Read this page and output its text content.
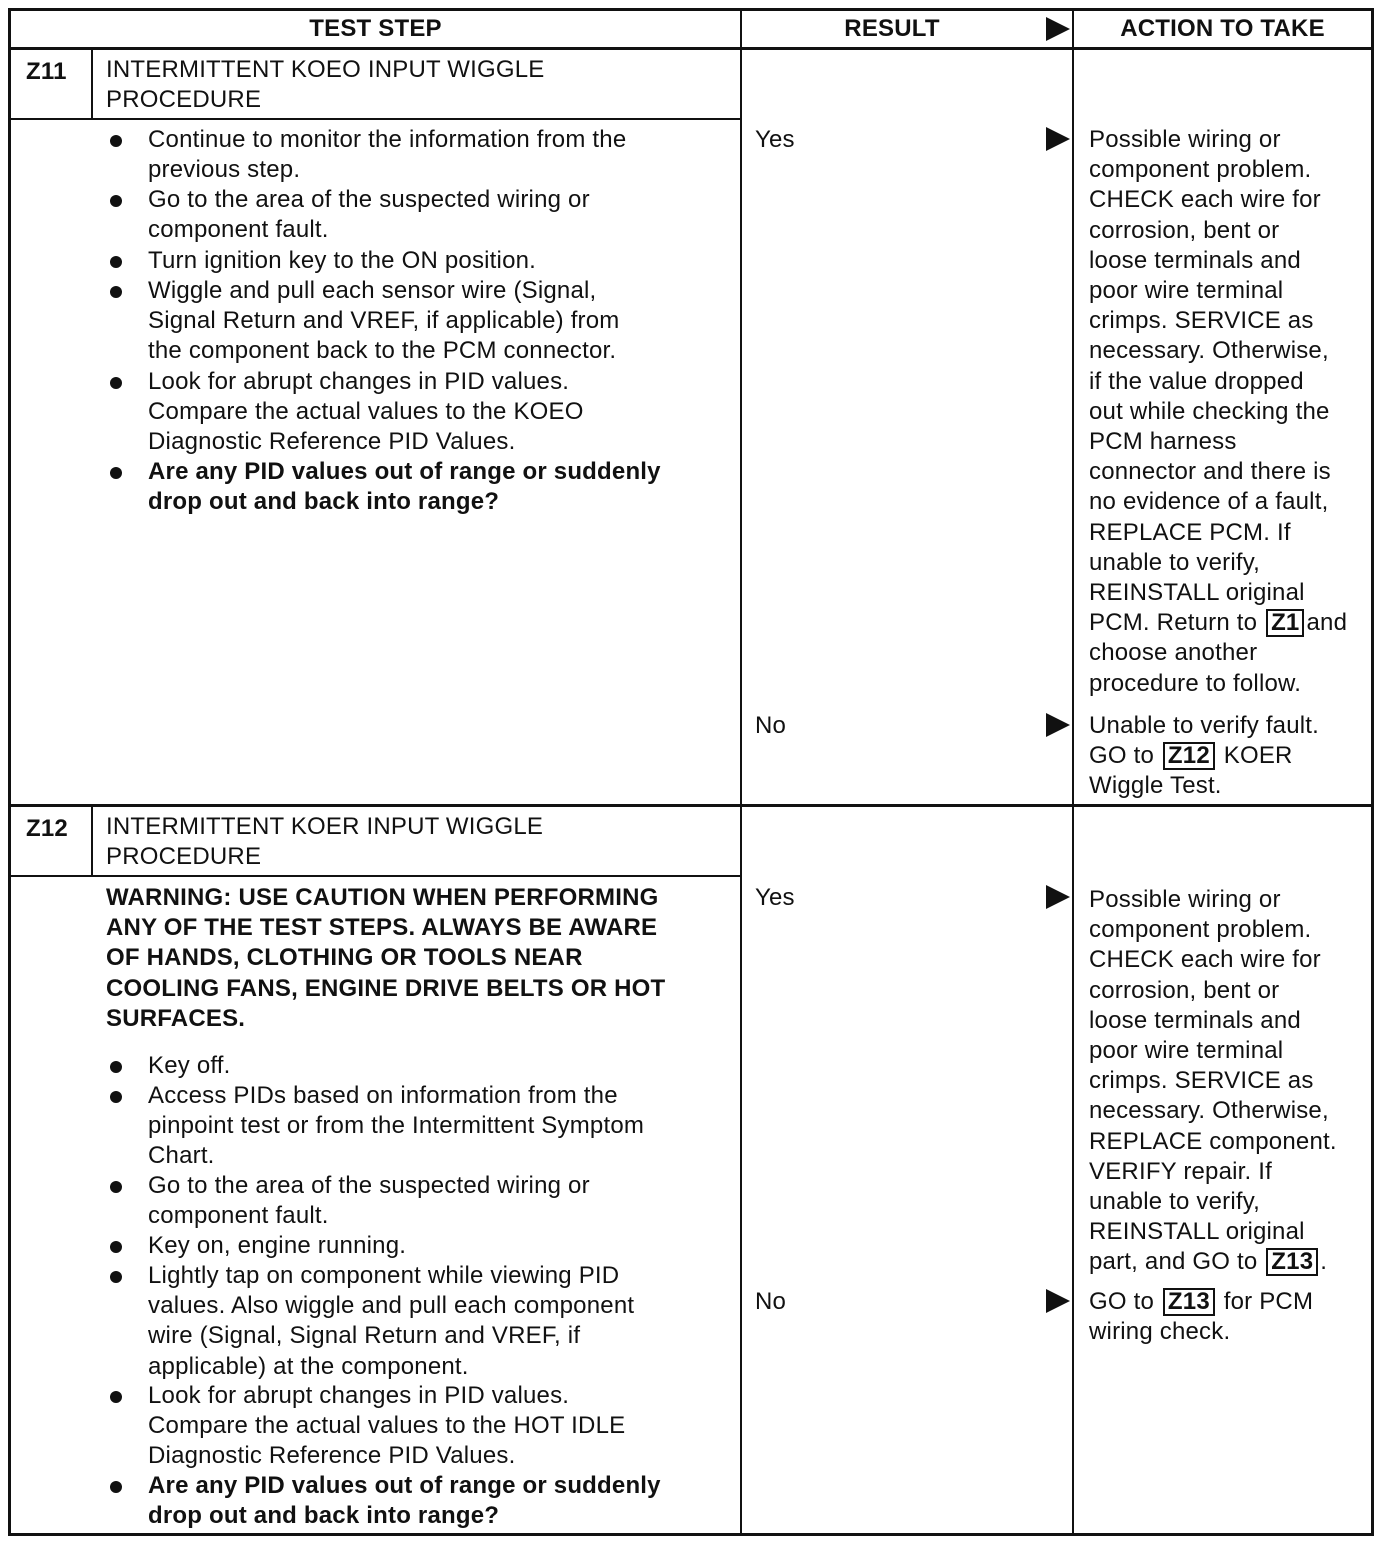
TEST STEP	RESULT	ACTION TO TAKE
Z11 INTERMITTENT KOEO INPUT WIGGLE
PROCEDURE
Continue to monitor the information from the
previous step.
Go to the area of the suspected wiring or
component fault.
Turn ignition key to the ON position.
Wiggle and pull each sensor wire (Signal,
Signal Return and VREF, if applicable) from
the component back to the PCM connector.
Look for abrupt changes in PID values.
Compare the actual values to the KOEO
Diagnostic Reference PID Values.
Are any PID values out of range or suddenly
drop out and back into range?
Yes	Possible wiring or
component problem.
CHECK each wire for
corrosion, bent or
loose terminals and
poor wire terminal
crimps. SERVICE as
necessary. Otherwise,
if the value dropped
out while checking the
PCM harness
connector and there is
no evidence of a fault,
REPLACE PCM. If
unable to verify,
REINSTALL original
PCM. Return to Z1 and
choose another
procedure to follow.
No	Unable to verify fault.
GO to Z12 KOER
Wiggle Test.
Z12 INTERMITTENT KOER INPUT WIGGLE
PROCEDURE
WARNING: USE CAUTION WHEN PERFORMING
ANY OF THE TEST STEPS. ALWAYS BE AWARE
OF HANDS, CLOTHING OR TOOLS NEAR
COOLING FANS, ENGINE DRIVE BELTS OR HOT
SURFACES.
Key off.
Access PIDs based on information from the
pinpoint test or from the Intermittent Symptom
Chart.
Go to the area of the suspected wiring or
component fault.
Key on, engine running.
Lightly tap on component while viewing PID
values. Also wiggle and pull each component
wire (Signal, Signal Return and VREF, if
applicable) at the component.
Look for abrupt changes in PID values.
Compare the actual values to the HOT IDLE
Diagnostic Reference PID Values.
Are any PID values out of range or suddenly
drop out and back into range?
Yes	Possible wiring or
component problem.
CHECK each wire for
corrosion, bent or
loose terminals and
poor wire terminal
crimps. SERVICE as
necessary. Otherwise,
REPLACE component.
VERIFY repair. If
unable to verify,
REINSTALL original
part, and GO to Z13 .
No	GO to Z13 for PCM
wiring check.
